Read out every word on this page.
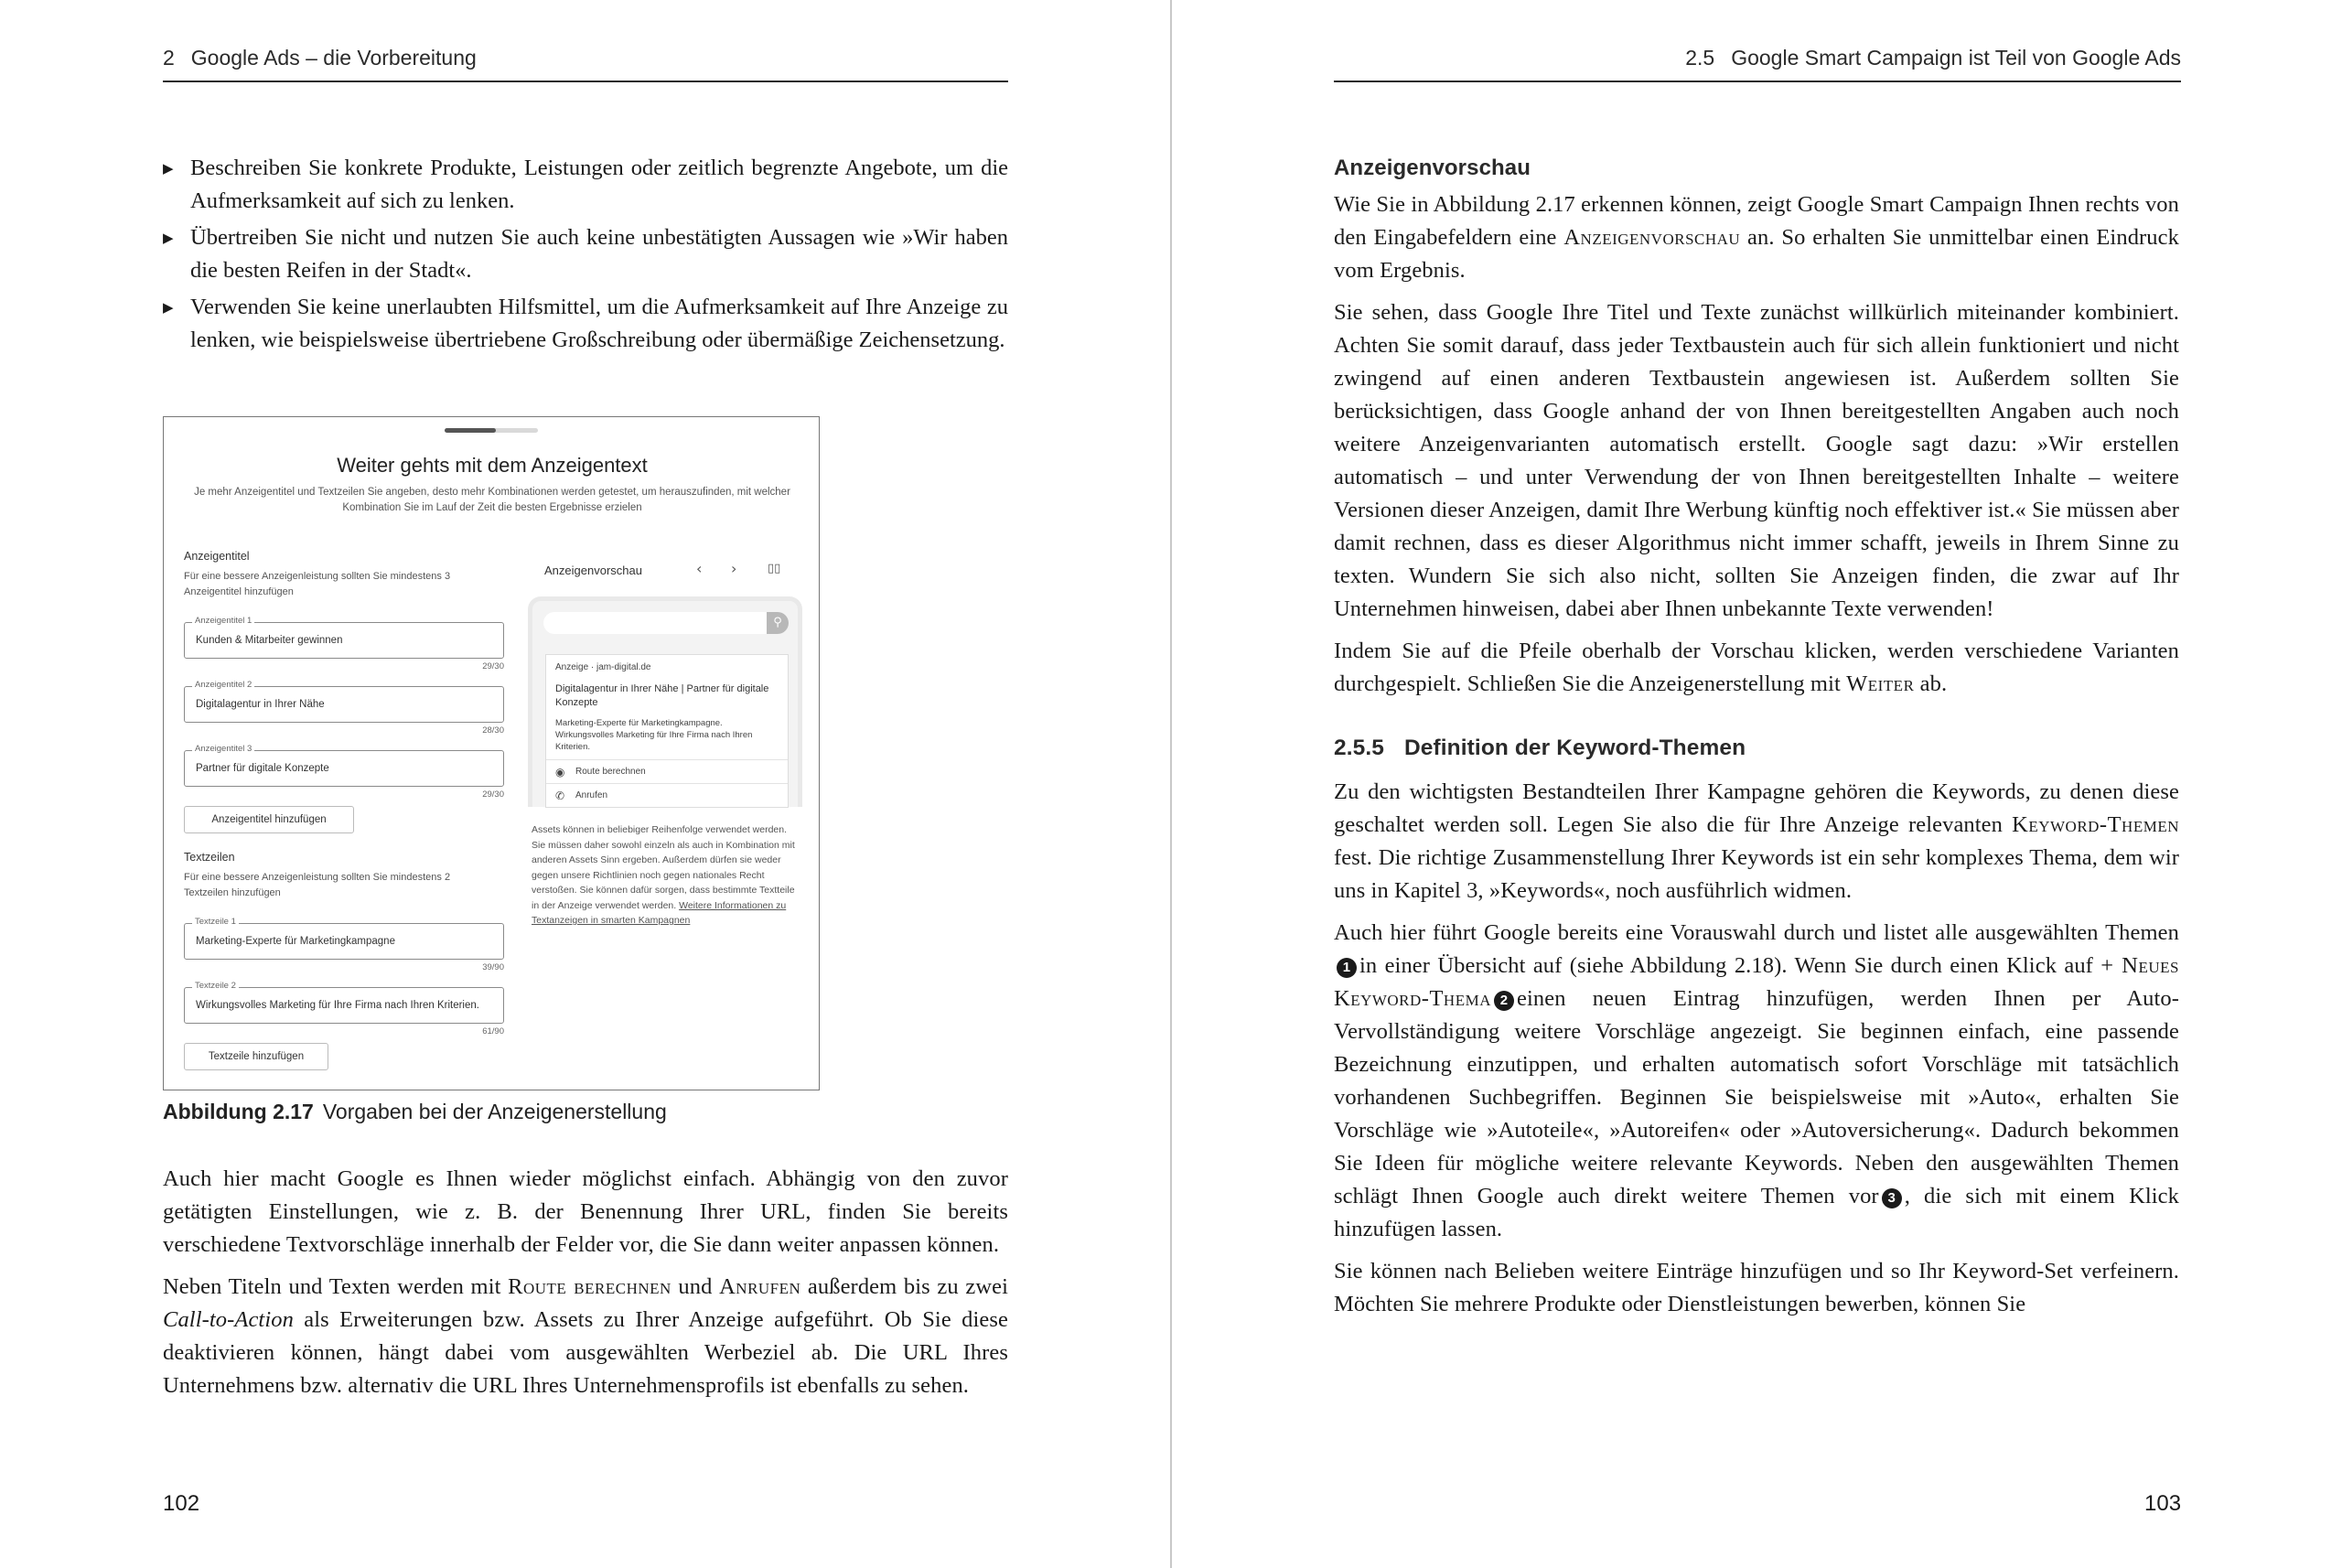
2 Google Ads – die Vorbereitung
▶ Beschreiben Sie konkrete Produkte, Leistungen oder zeitlich begrenzte Angebote, um die Aufmerksamkeit auf sich zu lenken.
▶ Übertreiben Sie nicht und nutzen Sie auch keine unbestätigten Aussagen wie »Wir haben die besten Reifen in der Stadt«.
▶ Verwenden Sie keine unerlaubten Hilfsmittel, um die Aufmerksamkeit auf Ihre Anzeige zu lenken, wie beispielsweise übertriebene Großschreibung oder übermäßige Zeichensetzung.
Weiter gehts mit dem Anzeigentext
Je mehr Anzeigentitel und Textzeilen Sie angeben, desto mehr Kombinationen werden getestet, um herauszufinden, mit welcher Kombination Sie im Lauf der Zeit die besten Ergebnisse erzielen
Anzeigentitel
Für eine bessere Anzeigenleistung sollten Sie mindestens 3 Anzeigentitel hinzufügen
Anzeigentitel 1
Kunden & Mitarbeiter gewinnen
29/30
Anzeigentitel 2
Digitalagentur in Ihrer Nähe
28/30
Anzeigentitel 3
Partner für digitale Konzepte
29/30
Anzeigentitel hinzufügen
Textzeilen
Für eine bessere Anzeigenleistung sollten Sie mindestens 2 Textzeilen hinzufügen
Textzeile 1
Marketing-Experte für Marketingkampagne
39/90
Textzeile 2
Wirkungsvolles Marketing für Ihre Firma nach Ihren Kriterien.
61/90
Textzeile hinzufügen
Anzeigenvorschau	‹ ›	▯▯
⚲
Anzeige · jam-digital.de
Digitalagentur in Ihrer Nähe | Partner für digitale Konzepte
Marketing-Experte für Marketingkampagne. Wirkungsvolles Marketing für Ihre Firma nach Ihren Kriterien.
◉ Route berechnen
✆ Anrufen
Assets können in beliebiger Reihenfolge verwendet werden. Sie müssen daher sowohl einzeln als auch in Kombination mit anderen Assets Sinn ergeben. Außerdem dürfen sie weder gegen unsere Richtlinien noch gegen nationales Recht verstoßen. Sie können dafür sorgen, dass bestimmte Textteile in der Anzeige verwendet werden. Weitere Informationen zu Textanzeigen in smarten Kampagnen
Abbildung 2.17 Vorgaben bei der Anzeigenerstellung

Auch hier macht Google es Ihnen wieder möglichst einfach. Abhängig von den zuvor getätigten Einstellungen, wie z. B. der Benennung Ihrer URL, finden Sie bereits verschiedene Textvorschläge innerhalb der Felder vor, die Sie dann weiter anpassen können.

Neben Titeln und Texten werden mit Route berechnen und Anrufen außerdem bis zu zwei Call-to-Action als Erweiterungen bzw. Assets zu Ihrer Anzeige aufgeführt. Ob Sie diese deaktivieren können, hängt dabei vom ausgewählten Werbeziel ab. Die URL Ihres Unternehmens bzw. alternativ die URL Ihres Unternehmensprofils ist ebenfalls zu sehen.

102
2.5 Google Smart Campaign ist Teil von Google Ads
103
Anzeigenvorschau

Wie Sie in Abbildung 2.17 erkennen können, zeigt Google Smart Campaign Ihnen rechts von den Eingabefeldern eine Anzeigenvorschau an. So erhalten Sie unmittelbar einen Eindruck vom Ergebnis.

Sie sehen, dass Google Ihre Titel und Texte zunächst willkürlich miteinander kombiniert. Achten Sie somit darauf, dass jeder Textbaustein auch für sich allein funktioniert und nicht zwingend auf einen anderen Textbaustein angewiesen ist. Außerdem sollten Sie berücksichtigen, dass Google anhand der von Ihnen bereitgestellten Angaben auch noch weitere Anzeigenvarianten automatisch erstellt. Google sagt dazu: »Wir erstellen automatisch – und unter Verwendung der von Ihnen bereitgestellten Inhalte – weitere Versionen dieser Anzeigen, damit Ihre Werbung künftig noch effektiver ist.« Sie müssen aber damit rechnen, dass es dieser Algorithmus nicht immer schafft, jeweils in Ihrem Sinne zu texten. Wundern Sie sich also nicht, sollten Sie Anzeigen finden, die zwar auf Ihr Unternehmen hinweisen, dabei aber Ihnen unbekannte Texte verwenden!

Indem Sie auf die Pfeile oberhalb der Vorschau klicken, werden verschiedene Varianten durchgespielt. Schließen Sie die Anzeigenerstellung mit Weiter ab.

2.5.5 Definition der Keyword-Themen

Zu den wichtigsten Bestandteilen Ihrer Kampagne gehören die Keywords, zu denen diese geschaltet werden soll. Legen Sie also die für Ihre Anzeige relevanten Keyword-Themen fest. Die richtige Zusammenstellung Ihrer Keywords ist ein sehr komplexes Thema, dem wir uns in Kapitel 3, »Keywords«, noch ausführlich widmen.

Auch hier führt Google bereits eine Vorauswahl durch und listet alle ausgewählten Themen1 in einer Übersicht auf (siehe Abbildung 2.18). Wenn Sie durch einen Klick auf + Neues Keyword-Thema 2 einen neuen Eintrag hinzufügen, werden Ihnen per Auto-Vervollständigung weitere Vorschläge angezeigt. Sie beginnen einfach, eine passende Bezeichnung einzutippen, und erhalten automatisch sofort Vorschläge mit tatsächlich vorhandenen Suchbegriffen. Beginnen Sie beispielsweise mit »Auto«, erhalten Sie Vorschläge wie »Autoteile«, »Autoreifen« oder »Autoversicherung«. Dadurch bekommen Sie Ideen für mögliche weitere relevante Keywords. Neben den ausgewählten Themen schlägt Ihnen Google auch direkt weitere Themen vor 3 , die sich mit einem Klick hinzufügen lassen.

Sie können nach Belieben weitere Einträge hinzufügen und so Ihr Keyword-Set verfeinern. Möchten Sie mehrere Produkte oder Dienstleistungen bewerben, können Sie
